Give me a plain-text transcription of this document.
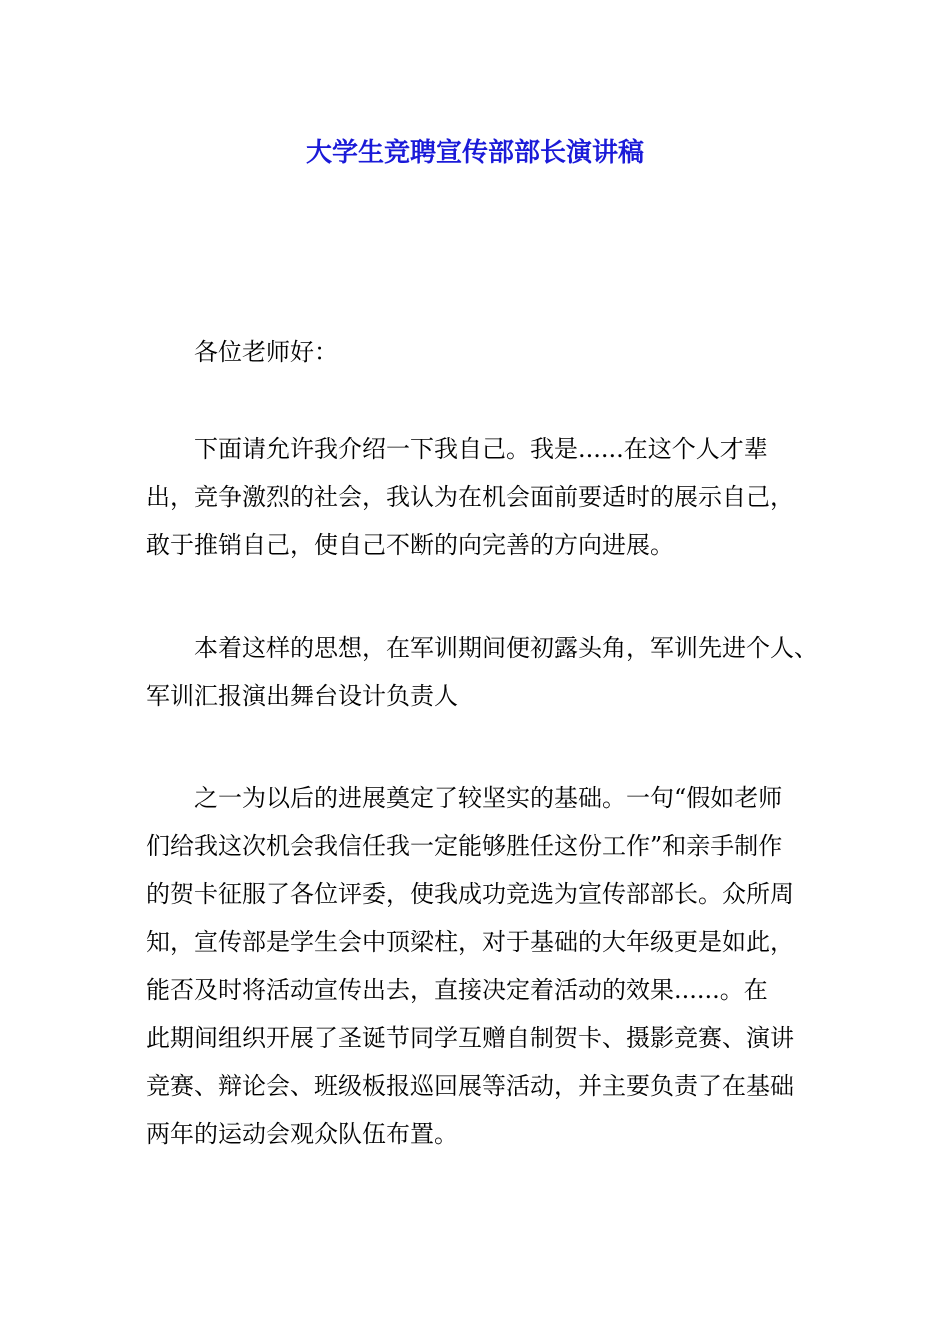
大学生竞聘宣传部部长演讲稿

各位老师好：

下面请允许我介绍一下我自己。我是......在这个人才辈
出，竞争激烈的社会，我认为在机会面前要适时的展示自己，
敢于推销自己，使自己不断的向完善的方向进展。

本着这样的思想，在军训期间便初露头角，军训先进个人、
军训汇报演出舞台设计负责人

之一为以后的进展奠定了较坚实的基础。一句“假如老师
们给我这次机会我信任我一定能够胜任这份工作”和亲手制作
的贺卡征服了各位评委，使我成功竞选为宣传部部长。众所周
知，宣传部是学生会中顶梁柱，对于基础的大年级更是如此，
能否及时将活动宣传出去，直接决定着活动的效果......。在
此期间组织开展了圣诞节同学互赠自制贺卡、摄影竞赛、演讲
竞赛、辩论会、班级板报巡回展等活动，并主要负责了在基础
两年的运动会观众队伍布置。
